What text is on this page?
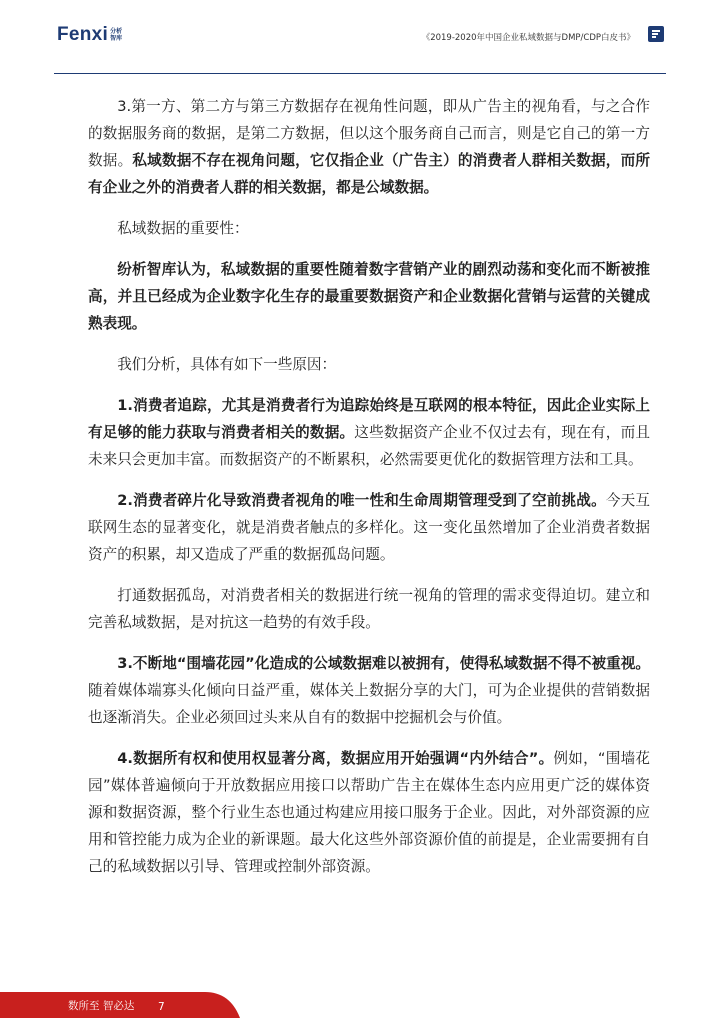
Fenxi 分析
智库	《2019-2020年中国企业私域数据与DMP/CDP白皮书》

3.第一方、第二方与第三方数据存在视角性问题，即从广告主的视角看，与之合作的数据服务商的数据，是第二方数据，但以这个服务商自己而言，则是它自己的第一方数据。私域数据不存在视角问题，它仅指企业（广告主）的消费者人群相关数据，而所有企业之外的消费者人群的相关数据，都是公域数据。

私域数据的重要性：

纷析智库认为，私域数据的重要性随着数字营销产业的剧烈动荡和变化而不断被推高，并且已经成为企业数字化生存的最重要数据资产和企业数据化营销与运营的关键成熟表现。

我们分析，具体有如下一些原因：

1.消费者追踪，尤其是消费者行为追踪始终是互联网的根本特征，因此企业实际上有足够的能力获取与消费者相关的数据。这些数据资产企业不仅过去有，现在有，而且未来只会更加丰富。而数据资产的不断累积，必然需要更优化的数据管理方法和工具。

2.消费者碎片化导致消费者视角的唯一性和生命周期管理受到了空前挑战。今天互联网生态的显著变化，就是消费者触点的多样化。这一变化虽然增加了企业消费者数据资产的积累，却又造成了严重的数据孤岛问题。

打通数据孤岛，对消费者相关的数据进行统一视角的管理的需求变得迫切。建立和完善私域数据，是对抗这一趋势的有效手段。

3.不断地“围墙花园”化造成的公域数据难以被拥有，使得私域数据不得不被重视。随着媒体端寡头化倾向日益严重，媒体关上数据分享的大门，可为企业提供的营销数据也逐渐消失。企业必须回过头来从自有的数据中挖掘机会与价值。

4.数据所有权和使用权显著分离，数据应用开始强调“内外结合”。例如，“围墙花园”媒体普遍倾向于开放数据应用接口以帮助广告主在媒体生态内应用更广泛的媒体资源和数据资源，整个行业生态也通过构建应用接口服务于企业。因此，对外部资源的应用和管控能力成为企业的新课题。最大化这些外部资源价值的前提是，企业需要拥有自己的私域数据以引导、管理或控制外部资源。

数所至 智必达 7
